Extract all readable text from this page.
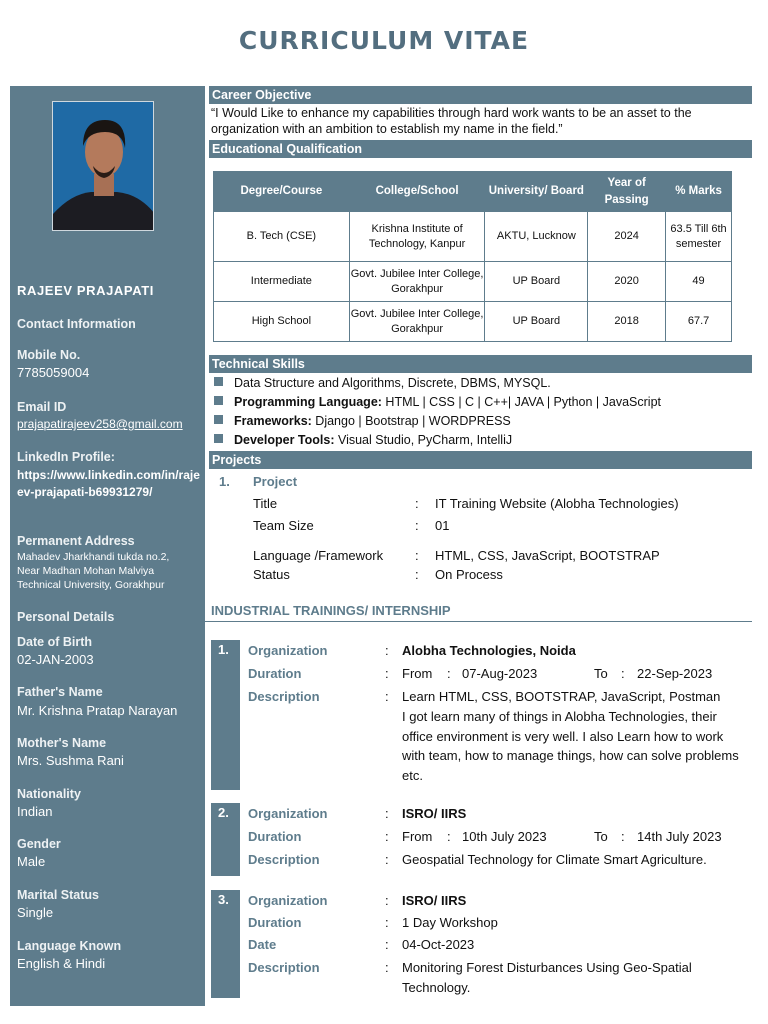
CURRICULUM VITAE
RAJEEV PRAJAPATI
Contact Information
Mobile No.
7785059004
Email ID
prajapatirajeev258@gmail.com
LinkedIn Profile:
https://www.linkedin.com/in/rajeev-prajapati-b69931279/
Permanent Address
Mahadev Jharkhandi tukda no.2,
Near Madhan Mohan Malviya
Technical University, Gorakhpur
Personal Details
Date of Birth
02-JAN-2003
Father's Name
Mr. Krishna Pratap Narayan
Mother's Name
Mrs. Sushma Rani
Nationality
Indian
Gender
Male
Marital Status
Single
Language Known
English & Hindi
Career Objective
“I Would Like to enhance my capabilities through hard work wants to be an asset to the organization with an ambition to establish my name in the field.”
Educational Qualification
Degree/Course	College/School	University/ Board	Year of Passing	% Marks
B. Tech (CSE)	Krishna Institute of Technology, Kanpur	AKTU, Lucknow	2024	63.5 Till 6th semester
Intermediate	Govt. Jubilee Inter College, Gorakhpur	UP Board	2020	49
High School	Govt. Jubilee Inter College, Gorakhpur	UP Board	2018	67.7
Technical Skills
Data Structure and Algorithms, Discrete, DBMS, MYSQL.
Programming Language: HTML | CSS | C | C++| JAVA | Python | JavaScript
Frameworks: Django | Bootstrap | WORDPRESS
Developer Tools: Visual Studio, PyCharm, IntelliJ
Projects
1. Project
Title	: IT Training Website (Alobha Technologies)
Team Size	: 01
Language /Framework : HTML, CSS, JavaScript, BOOTSTRAP
Status	: On Process
INDUSTRIAL TRAININGS/ INTERNSHIP
1.	Organization	: Alobha Technologies, Noida
Duration	: From : 07-Aug-2023	To : 22-Sep-2023
Description	: Learn HTML, CSS, BOOTSTRAP, JavaScript, Postman
I got learn many of things in Alobha Technologies, their office environment is very well. I also Learn how to work with team, how to manage things, how can solve problems etc.
2.	Organization	: ISRO/ IIRS
Duration	: From : 10th July 2023	To : 14th July 2023
Description	: Geospatial Technology for Climate Smart Agriculture.
3.	Organization	: ISRO/ IIRS
Duration	: 1 Day Workshop
Date	: 04-Oct-2023
Description	: Monitoring Forest Disturbances Using Geo-Spatial Technology.
